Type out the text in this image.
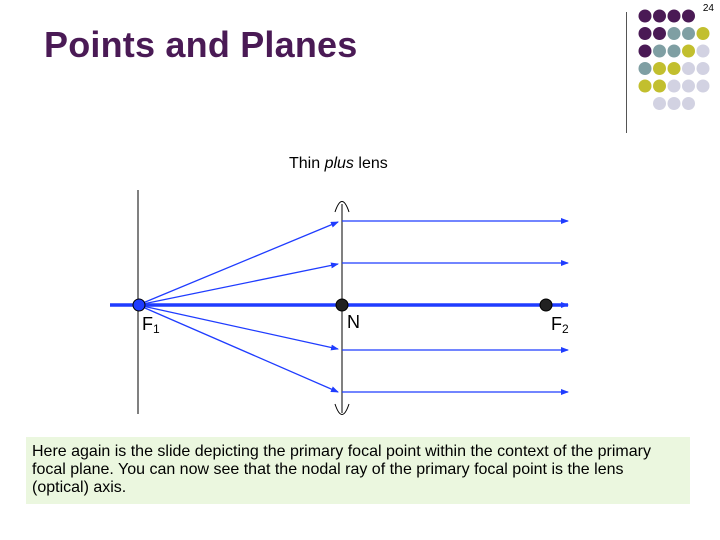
24
Points and Planes
Thin plus lens
$F_1$	N	$F_2$
Here again is the slide depicting the primary focal point within the context of the primary focal plane. You can now see that the nodal ray of the primary focal point is the lens (optical) axis.
